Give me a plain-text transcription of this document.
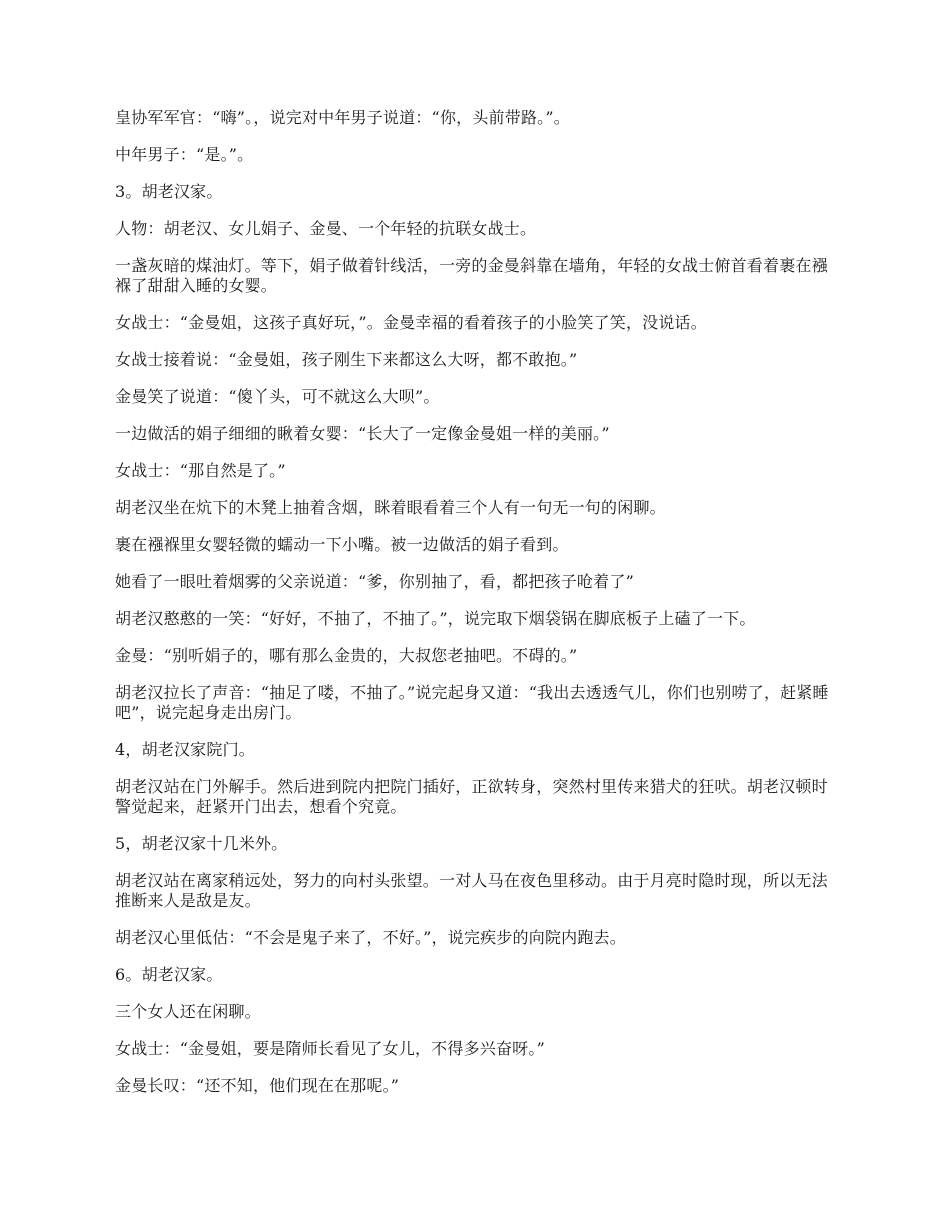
皇协军军官：“嗨”。，说完对中年男子说道：“你，头前带路。”。

中年男子：“是。”。

3。胡老汉家。

人物：胡老汉、女儿娟子、金曼、一个年轻的抗联女战士。

一盏灰暗的煤油灯。等下，娟子做着针线活，一旁的金曼斜靠在墙角，年轻的女战士俯首看着裹在襁褓了甜甜入睡的女婴。

女战士：“金曼姐，这孩子真好玩，”。金曼幸福的看着孩子的小脸笑了笑，没说话。

女战士接着说：“金曼姐，孩子刚生下来都这么大呀，都不敢抱。”

金曼笑了说道：“傻丫头，可不就这么大呗”。

一边做活的娟子细细的瞅着女婴：“长大了一定像金曼姐一样的美丽。”

女战士：“那自然是了。”

胡老汉坐在炕下的木凳上抽着含烟，眯着眼看着三个人有一句无一句的闲聊。

裹在襁褓里女婴轻微的蠕动一下小嘴。被一边做活的娟子看到。

她看了一眼吐着烟雾的父亲说道：“爹，你别抽了，看，都把孩子呛着了”

胡老汉憨憨的一笑：“好好，不抽了，不抽了。”，说完取下烟袋锅在脚底板子上磕了一下。

金曼：“别听娟子的，哪有那么金贵的，大叔您老抽吧。不碍的。”

胡老汉拉长了声音：“抽足了喽，不抽了。”说完起身又道：“我出去透透气儿，你们也别唠了，赶紧睡吧”，说完起身走出房门。

4，胡老汉家院门。

胡老汉站在门外解手。然后进到院内把院门插好，正欲转身，突然村里传来猎犬的狂吠。胡老汉顿时警觉起来，赶紧开门出去，想看个究竟。

5，胡老汉家十几米外。

胡老汉站在离家稍远处，努力的向村头张望。一对人马在夜色里移动。由于月亮时隐时现，所以无法推断来人是敌是友。

胡老汉心里低估：“不会是鬼子来了，不好。”，说完疾步的向院内跑去。

6。胡老汉家。

三个女人还在闲聊。

女战士：“金曼姐，要是隋师长看见了女儿，不得多兴奋呀。”

金曼长叹：“还不知，他们现在在那呢。”
